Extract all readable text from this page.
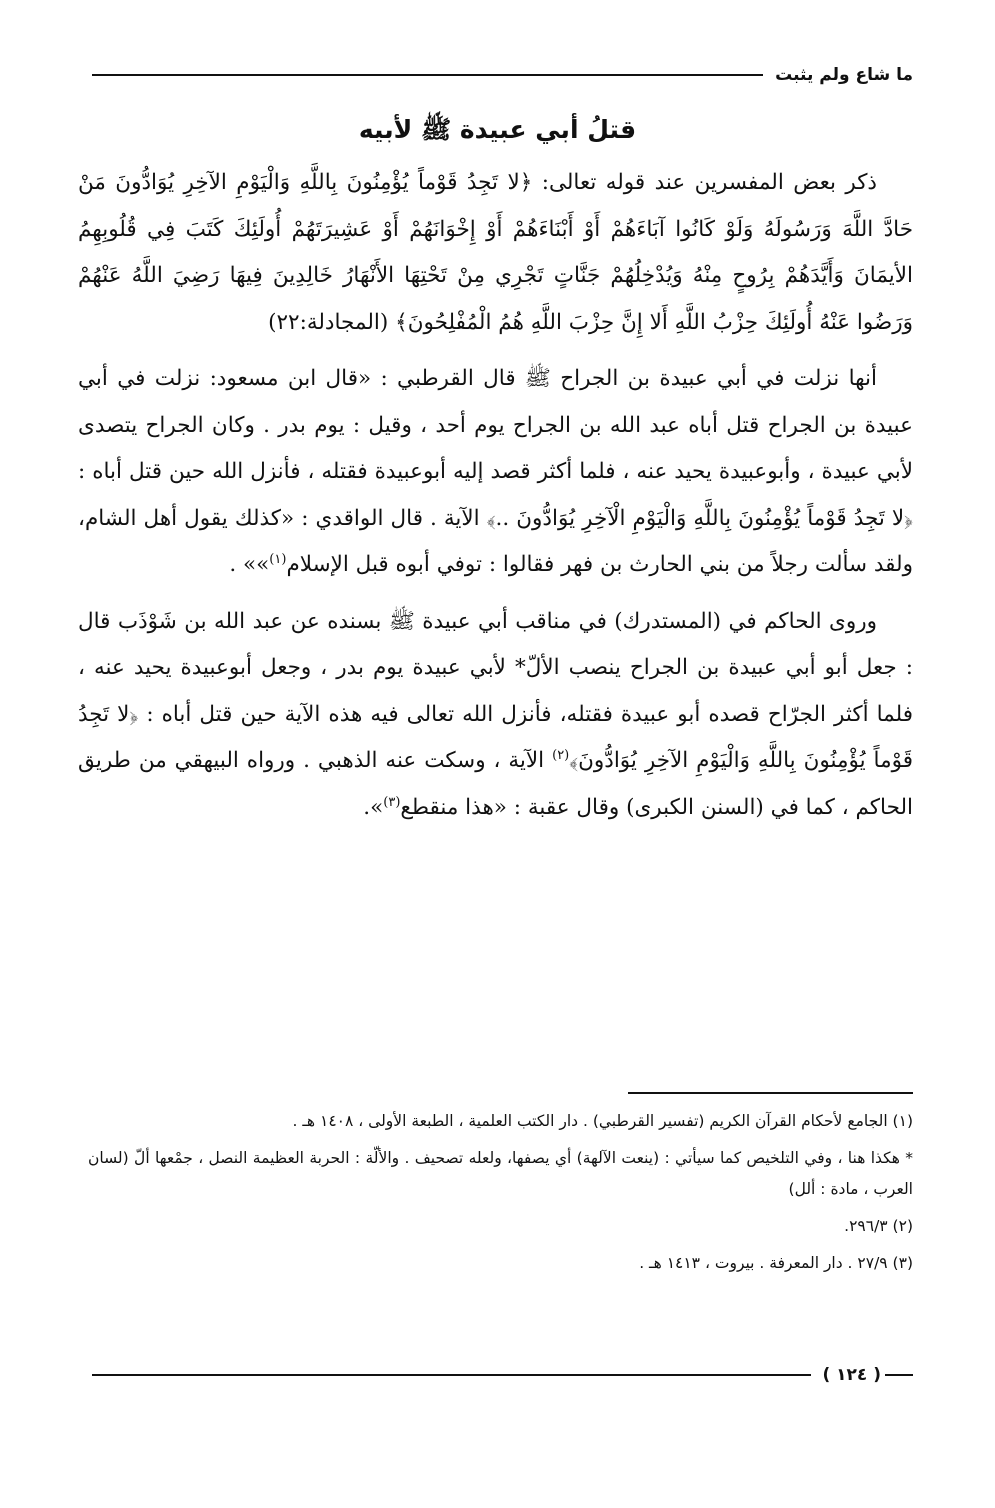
ما شاع ولم يثبت
قتلُ أبي عبيدة ﷺ لأبيه

ذكر بعض المفسرين عند قوله تعالى: ﴿لا تَجِدُ قَوْماً يُؤْمِنُونَ بِاللَّهِ وَالْيَوْمِ الآخِرِ يُوَادُّونَ مَنْ حَادَّ اللَّهَ وَرَسُولَهُ وَلَوْ كَانُوا آبَاءَهُمْ أَوْ أَبْنَاءَهُمْ أَوْ إِخْوَانَهُمْ أَوْ عَشِيرَتَهُمْ أُولَئِكَ كَتَبَ فِي قُلُوبِهِمُ الأيمَانَ وَأَيَّدَهُمْ بِرُوحٍ مِنْهُ وَيُدْخِلُهُمْ جَنَّاتٍ تَجْرِي مِنْ تَحْتِهَا الأَنْهَارُ خَالِدِينَ فِيهَا رَضِيَ اللَّهُ عَنْهُمْ وَرَضُوا عَنْهُ أُولَئِكَ حِزْبُ اللَّهِ أَلا إِنَّ حِزْبَ اللَّهِ هُمُ الْمُفْلِحُونَ﴾ (المجادلة:٢٢)

أنها نزلت في أبي عبيدة بن الجراح ﷺ قال القرطبي : «قال ابن مسعود: نزلت في أبي عبيدة بن الجراح قتل أباه عبد الله بن الجراح يوم أحد ، وقيل : يوم بدر . وكان الجراح يتصدى لأبي عبيدة ، وأبوعبيدة يحيد عنه ، فلما أكثر قصد إليه أبوعبيدة فقتله ، فأنزل الله حين قتل أباه : ﴿لا تَجِدُ قَوْماً يُؤْمِنُونَ بِاللَّهِ وَالْيَوْمِ الْآخِرِ يُوَادُّونَ ..﴾ الآية . قال الواقدي : «كذلك يقول أهل الشام، ولقد سألت رجلاً من بني الحارث بن فهر فقالوا : توفي أبوه قبل الإسلام$^{(١)}$»» .

وروى الحاكم في (المستدرك) في مناقب أبي عبيدة ﷺ بسنده عن عبد الله بن شَوْذَب قال : جعل أبو أبي عبيدة بن الجراح ينصب الألّ* لأبي عبيدة يوم بدر ، وجعل أبوعبيدة يحيد عنه ، فلما أكثر الجرّاح قصده أبو عبيدة فقتله، فأنزل الله تعالى فيه هذه الآية حين قتل أباه : ﴿لا تَجِدُ قَوْماً يُؤْمِنُونَ بِاللَّهِ وَالْيَوْمِ الآخِرِ يُوَادُّونَ﴾$^{(٢)}$ الآية ، وسكت عنه الذهبي . ورواه البيهقي من طريق الحاكم ، كما في (السنن الكبرى) وقال عقبة : «هذا منقطع$^{(٣)}$».

(١) الجامع لأحكام القرآن الكريم (تفسير القرطبي) . دار الكتب العلمية ، الطبعة الأولى ، ١٤٠٨ هـ .
* هكذا هنا ، وفي التلخيص كما سيأتي : (ينعت الآلهة) أي يصفها، ولعله تصحيف . والألّة : الحربة العظيمة النصل ، جمْعها ألّ (لسان العرب ، مادة : ألل)
(٢) ٢٩٦/٣.
(٣) ٢٧/٩ . دار المعرفة . بيروت ، ١٤١٣ هـ .
( ١٢٤ )
